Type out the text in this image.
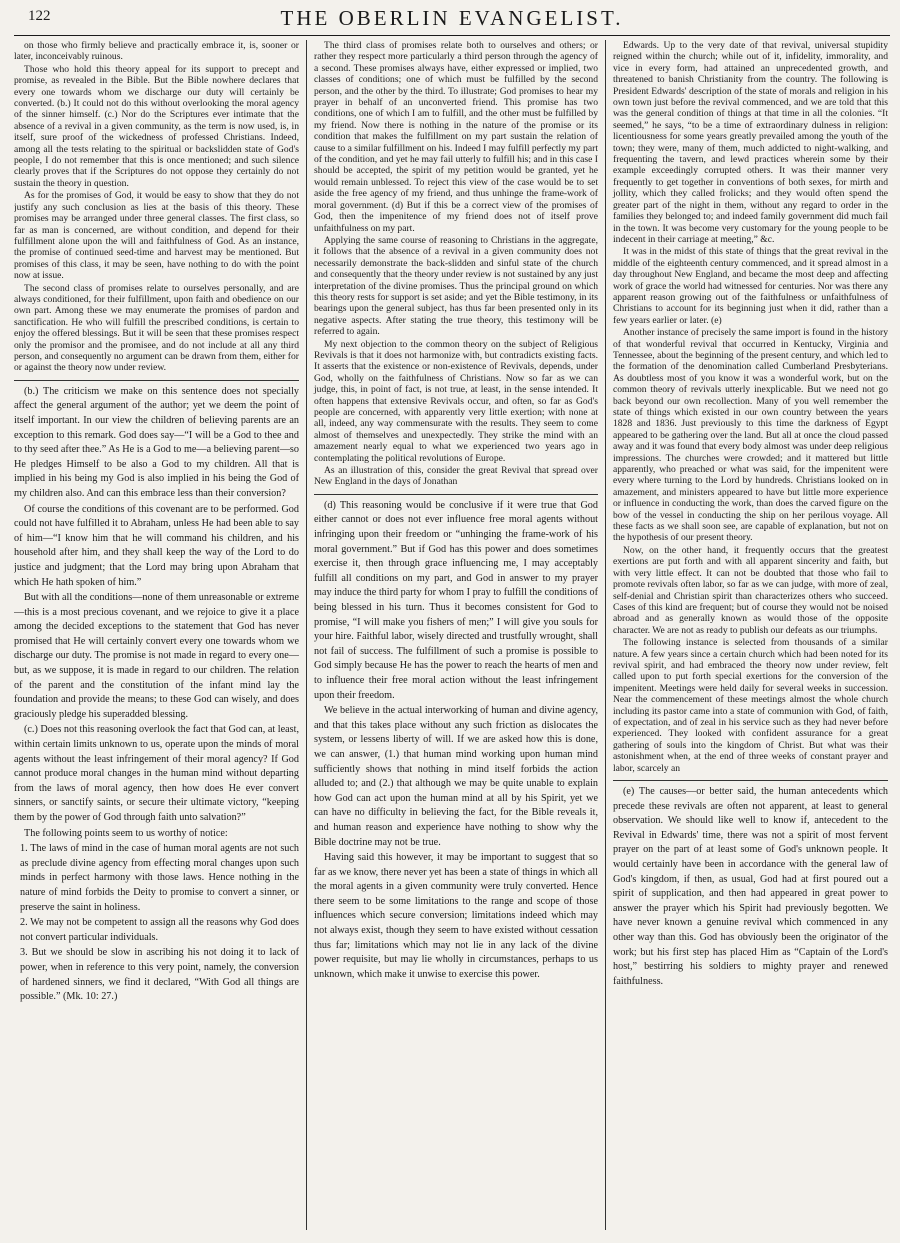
122	THE OBERLIN EVANGELIST.

on those who firmly believe and practically embrace it, is, sooner or later, inconceivably ruinous.

Those who hold this theory appeal for its support to precept and promise, as revealed in the Bible. But the Bible nowhere declares that every one towards whom we discharge our duty will certainly be converted. (b.) It could not do this without overlooking the moral agency of the sinner himself. (c.) Nor do the Scriptures ever intimate that the absence of a revival in a given community, as the term is now used, is, in itself, sure proof of the wickedness of professed Christians. Indeed, among all the tests relating to the spiritual or backslidden state of God's people, I do not remember that this is once mentioned; and such silence clearly proves that if the Scriptures do not oppose they certainly do not sustain the theory in question.

As for the promises of God, it would be easy to show that they do not justify any such conclusion as lies at the basis of this theory. These promises may be arranged under three general classes. The first class, so far as man is concerned, are without condition, and depend for their fulfillment alone upon the will and faithfulness of God. As an instance, the promise of continued seed-time and harvest may be mentioned. But promises of this class, it may be seen, have nothing to do with the point now at issue.

The second class of promises relate to ourselves personally, and are always conditioned, for their fulfillment, upon faith and obedience on our own part. Among these we may enumerate the promises of pardon and sanctification. He who will fulfill the prescribed conditions, is certain to enjoy the offered blessings. But it will be seen that these promises respect only the promisor and the promisee, and do not include at all any third person, and consequently no argument can be drawn from them, either for or against the theory now under review.

(b.) The criticism we make on this sentence does not specially affect the general argument of the author; yet we deem the point of itself important. In our view the children of believing parents are an exception to this remark. God does say—“I will be a God to thee and to thy seed after thee.” As He is a God to me—a believing parent—so He pledges Himself to be also a God to my children. All that is implied in his being my God is also implied in his being the God of my children also. And can this embrace less than their conversion?

Of course the conditions of this covenant are to be performed. God could not have fulfilled it to Abraham, unless He had been able to say of him—“I know him that he will command his children, and his household after him, and they shall keep the way of the Lord to do justice and judgment; that the Lord may bring upon Abraham that which He hath spoken of him.”

But with all the conditions—none of them unreasonable or extreme—this is a most precious covenant, and we rejoice to give it a place among the decided exceptions to the statement that God has never promised that He will certainly convert every one towards whom we discharge our duty. The promise is not made in regard to every one—but, as we suppose, it is made in regard to our children. The relation of the parent and the constitution of the infant mind lay the foundation and provide the means; to these God can wisely, and does graciously pledge his superadded blessing.

(c.) Does not this reasoning overlook the fact that God can, at least, within certain limits unknown to us, operate upon the minds of moral agents without the least infringement of their moral agency? If God cannot produce moral changes in the human mind without departing from the laws of moral agency, then how does He ever convert sinners, or sanctify saints, or secure their ultimate victory, “keeping them by the power of God through faith unto salvation?”

The following points seem to us worthy of notice:

1. The laws of mind in the case of human moral agents are not such as preclude divine agency from effecting moral changes upon such minds in perfect harmony with those laws. Hence nothing in the nature of mind forbids the Deity to promise to convert a sinner, or preserve the saint in holiness.

2. We may not be competent to assign all the reasons why God does not convert particular individuals.

3. But we should be slow in ascribing his not doing it to lack of power, when in reference to this very point, namely, the conversion of hardened sinners, we find it declared, “With God all things are possible.” (Mk. 10: 27.)

The third class of promises relate both to ourselves and others; or rather they respect more particularly a third person through the agency of a second. These promises always have, either expressed or implied, two classes of conditions; one of which must be fulfilled by the second person, and the other by the third. To illustrate; God promises to hear my prayer in behalf of an unconverted friend. This promise has two conditions, one of which I am to fulfill, and the other must be fulfilled by my friend. Now there is nothing in the nature of the promise or its condition that makes the fulfillment on my part sustain the relation of cause to a similar fulfillment on his. Indeed I may fulfill perfectly my part of the condition, and yet he may fail utterly to fulfill his; and in this case I should be accepted, the spirit of my petition would be granted, yet he would remain unblessed. To reject this view of the case would be to set aside the free agency of my friend, and thus unhinge the frame-work of moral government. (d) But if this be a correct view of the promises of God, then the impenitence of my friend does not of itself prove unfaithfulness on my part.

Applying the same course of reasoning to Christians in the aggregate, it follows that the absence of a revival in a given community does not necessarily demonstrate the back-slidden and sinful state of the church and consequently that the theory under review is not sustained by any just interpretation of the divine promises. Thus the principal ground on which this theory rests for support is set aside; and yet the Bible testimony, in its bearings upon the general subject, has thus far been presented only in its negative aspects. After stating the true theory, this testimony will be referred to again.

My next objection to the common theory on the subject of Religious Revivals is that it does not harmonize with, but contradicts existing facts. It asserts that the existence or non-existence of Revivals, depends, under God, wholly on the faithfulness of Christians. Now so far as we can judge, this, in point of fact, is not true, at least, in the sense intended. It often happens that extensive Revivals occur, and often, so far as God's people are concerned, with apparently very little exertion; with none at all, indeed, any way commensurate with the results. They seem to come almost of themselves and unexpectedly. They strike the mind with an amazement nearly equal to what we experienced two years ago in contemplating the political revolutions of Europe.

As an illustration of this, consider the great Revival that spread over New England in the days of Jonathan

(d) This reasoning would be conclusive if it were true that God either cannot or does not ever influence free moral agents without infringing upon their freedom or “unhinging the frame-work of his moral government.” But if God has this power and does sometimes exercise it, then through grace influencing me, I may acceptably fulfill all conditions on my part, and God in answer to my prayer may induce the third party for whom I pray to fulfill the conditions of being blessed in his turn. Thus it becomes consistent for God to promise, “I will make you fishers of men;” I will give you souls for your hire. Faithful labor, wisely directed and trustfully wrought, shall not fail of success. The fulfillment of such a promise is possible to God simply because He has the power to reach the hearts of men and to influence their free moral action without the least infringement upon their freedom.

We believe in the actual interworking of human and divine agency, and that this takes place without any such friction as dislocates the system, or lessens liberty of will. If we are asked how this is done, we can answer, (1.) that human mind working upon human mind sufficiently shows that nothing in mind itself forbids the action alluded to; and (2.) that although we may be quite unable to explain how God can act upon the human mind at all by his Spirit, yet we can have no difficulty in believing the fact, for the Bible reveals it, and human reason and experience have nothing to show why the Bible doctrine may not be true.

Having said this however, it may be important to suggest that so far as we know, there never yet has been a state of things in which all the moral agents in a given community were truly converted. Hence there seem to be some limitations to the range and scope of those influences which secure conversion; limitations indeed which may not always exist, though they seem to have existed without cessation thus far; limitations which may not lie in any lack of the divine power requisite, but may lie wholly in circumstances, perhaps to us unknown, which make it unwise to exercise this power.

Edwards. Up to the very date of that revival, universal stupidity reigned within the church; while out of it, infidelity, immorality, and vice in every form, had attained an unprecedented growth, and threatened to banish Christianity from the country. The following is President Edwards' description of the state of morals and religion in his own town just before the revival commenced, and we are told that this was the general condition of things at that time in all the colonies. “It seemed,” he says, “to be a time of extraordinary dulness in religion: licentiousness for some years greatly prevailed among the youth of the town; they were, many of them, much addicted to night-walking, and frequenting the tavern, and lewd practices wherein some by their example exceedingly corrupted others. It was their manner very frequently to get together in conventions of both sexes, for mirth and jollity, which they called frolicks; and they would often spend the greater part of the night in them, without any regard to order in the families they belonged to; and indeed family government did much fail in the town. It was become very customary for the young people to be indecent in their carriage at meeting,” &c.

It was in the midst of this state of things that the great revival in the middle of the eighteenth century commenced, and it spread almost in a day throughout New England, and became the most deep and affecting work of grace the world had witnessed for centuries. Nor was there any apparent reason growing out of the faithfulness or unfaithfulness of Christians to account for its beginning just when it did, rather than a few years earlier or later. (e)

Another instance of precisely the same import is found in the history of that wonderful revival that occurred in Kentucky, Virginia and Tennessee, about the beginning of the present century, and which led to the formation of the denomination called Cumberland Presbyterians. As doubtless most of you know it was a wonderful work, but on the common theory of revivals utterly inexplicable. But we need not go back beyond our own recollection. Many of you well remember the state of things which existed in our own country between the years 1828 and 1836. Just previously to this time the darkness of Egypt appeared to be gathering over the land. But all at once the cloud passed away and it was found that every body almost was under deep religious impressions. The churches were crowded; and it mattered but little apparently, who preached or what was said, for the impenitent were every where turning to the Lord by hundreds. Christians looked on in amazement, and ministers appeared to have but little more experience or influence in conducting the work, than does the carved figure on the bow of the vessel in conducting the ship on her perilous voyage. All these facts as we shall soon see, are capable of explanation, but not on the hypothesis of our present theory.

Now, on the other hand, it frequently occurs that the greatest exertions are put forth and with all apparent sincerity and faith, but with very little effect. It can not be doubted that those who fail to promote revivals often labor, so far as we can judge, with more of zeal, self-denial and Christian spirit than characterizes others who succeed. Cases of this kind are frequent; but of course they would not be noised abroad and as generally known as would those of the opposite character. We are not as ready to publish our defeats as our triumphs.

The following instance is selected from thousands of a similar nature. A few years since a certain church which had been noted for its revival spirit, and had embraced the theory now under review, felt called upon to put forth special exertions for the conversion of the impenitent. Meetings were held daily for several weeks in succession. Near the commencement of these meetings almost the whole church including its pastor came into a state of communion with God, of faith, of expectation, and of zeal in his service such as they had never before experienced. They looked with confident assurance for a great gathering of souls into the kingdom of Christ. But what was their astonishment when, at the end of three weeks of constant prayer and labor, scarcely an

(e) The causes—or better said, the human antecedents which precede these revivals are often not apparent, at least to general observation. We should like well to know if, antecedent to the Revival in Edwards' time, there was not a spirit of most fervent prayer on the part of at least some of God's unknown people. It would certainly have been in accordance with the general law of God's kingdom, if then, as usual, God had at first poured out a spirit of supplication, and then had appeared in great power to answer the prayer which his Spirit had previously begotten. We have never known a genuine revival which commenced in any other way than this. God has obviously been the originator of the work; but his first step has placed Him as “Captain of the Lord's host,” bestirring his soldiers to mighty prayer and renewed faithfulness.
